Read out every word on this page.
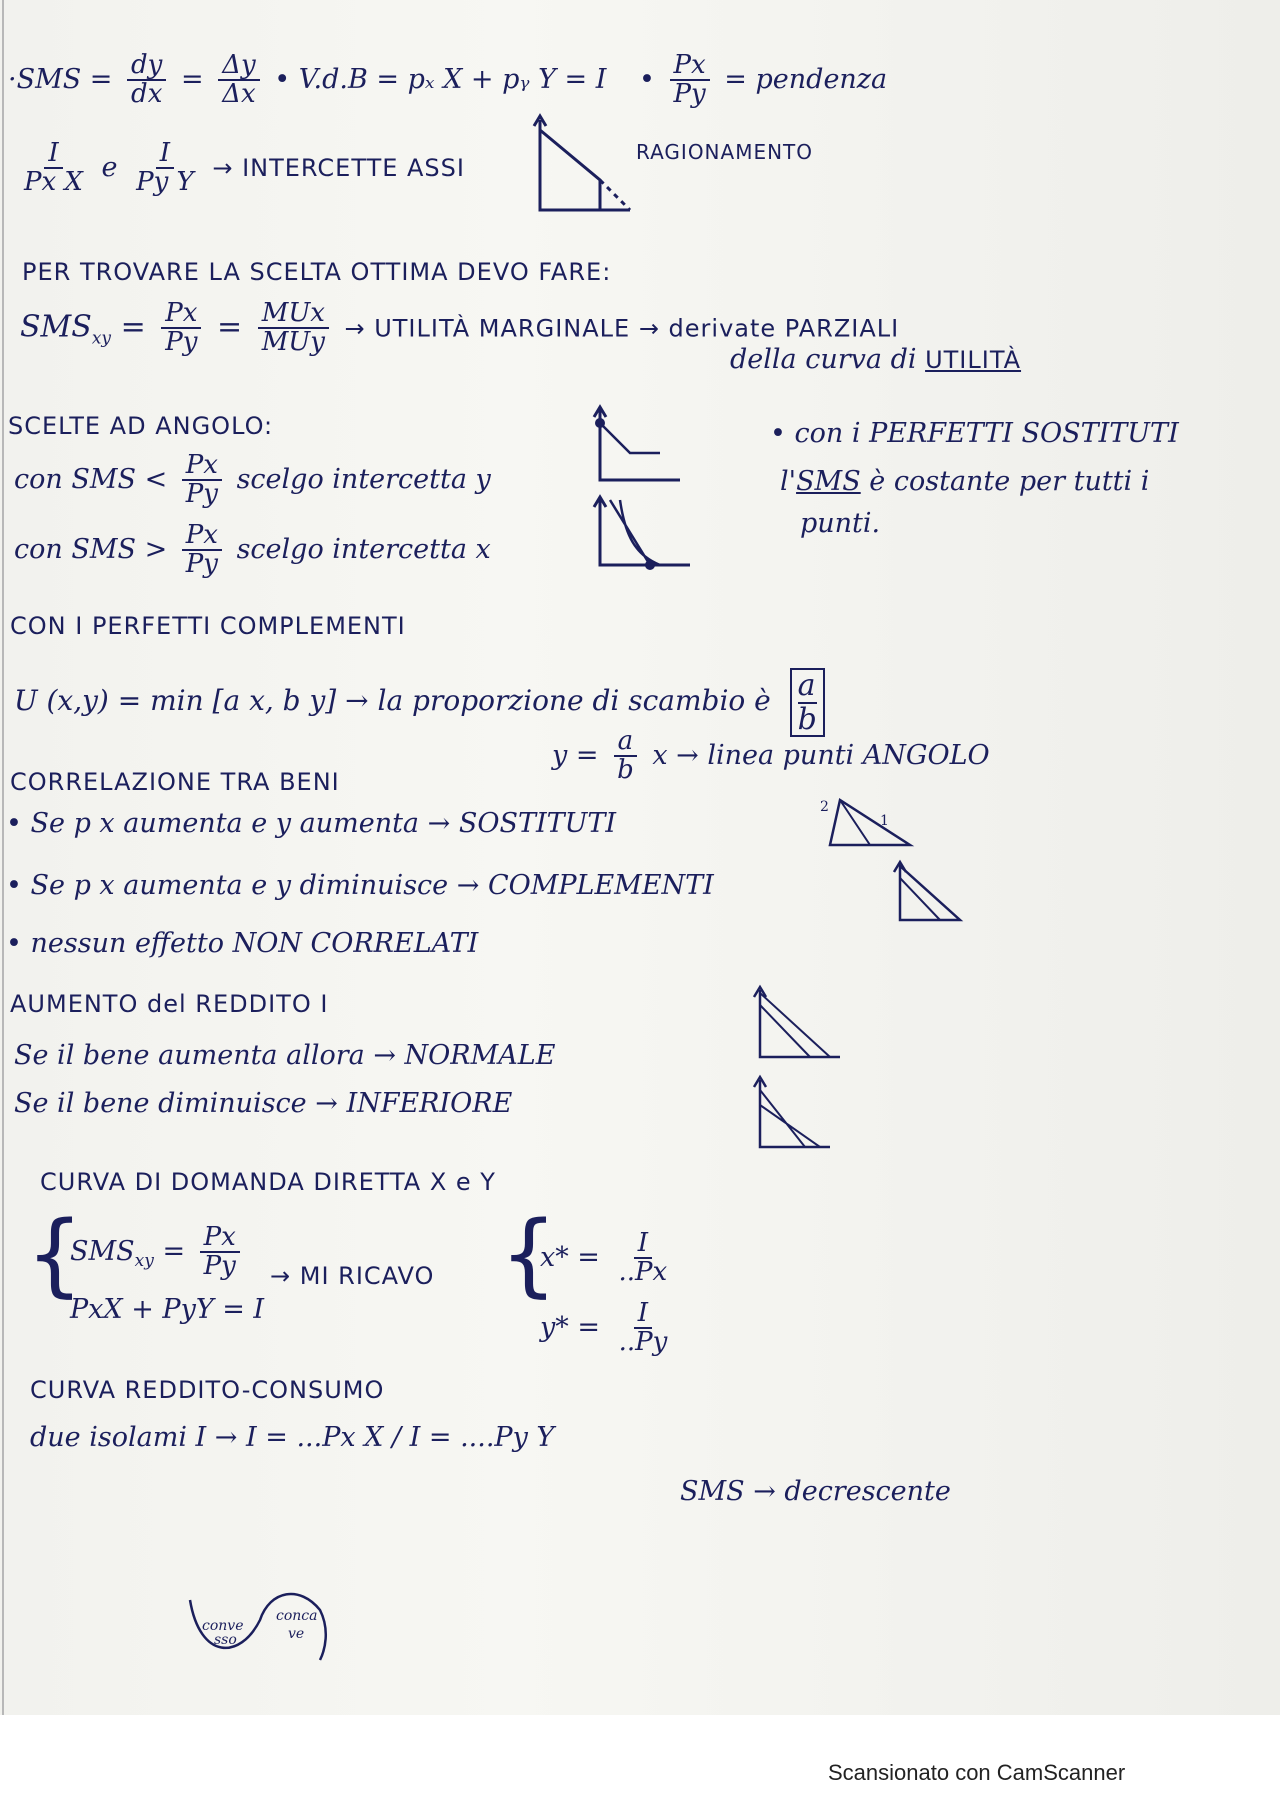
$\cdot SMS = \frac{dy}{dx} = \frac{\Delta y}{\Delta x}$ • V.d.B = pₓ X + pᵧ Y = I • $\frac{Px}{Py}$ = pendenza
$\frac{I}{\text{Px X}}$ e $\frac{I}{\text{Py Y}}$ → INTERCETTE ASSI
RAGIONAMENTO
PER TROVARE LA SCELTA OTTIMA DEVO FARE:
$SMS_{xy} = \frac{Px}{Py} = \frac{\text{MUx}}{\text{MUy}}$ → UTILITÀ MARGINALE → derivate PARZIALI
della curva di UTILITÀ
SCELTE AD ANGOLO:
con SMS < $\frac{Px}{Py}$ scelgo intercetta y
con SMS > $\frac{Px}{Py}$ scelgo intercetta x
• con i PERFETTI SOSTITUTI
l'SMS è costante per tutti i
punti.
CON I PERFETTI COMPLEMENTI
U (x,y) = min [a x, b y] → la proporzione di scambio è $\frac{a}{b}$
$y = \frac{a}{b}$ x → linea punti ANGOLO
CORRELAZIONE TRA BENI
• Se p x aumenta e y aumenta → SOSTITUTI
• Se p x aumenta e y diminuisce → COMPLEMENTI
• nessun effetto NON CORRELATI
2
1
AUMENTO del REDDITO I
Se il bene aumenta allora → NORMALE
Se il bene diminuisce → INFERIORE
CURVA DI DOMANDA DIRETTA X e Y
{
$SMS_{xy} = \frac{Px}{Py}$
PxX + PyY = I
→ MI RICAVO {
$x* = \frac{I}{..Px}$
$y* = \frac{I}{..Py}$
CURVA REDDITO-CONSUMO
due isolami I → I = ...Px X / I = ....Py Y
SMS → decrescente
conve
sso
conca
ve
Scansionato con CamScanner
